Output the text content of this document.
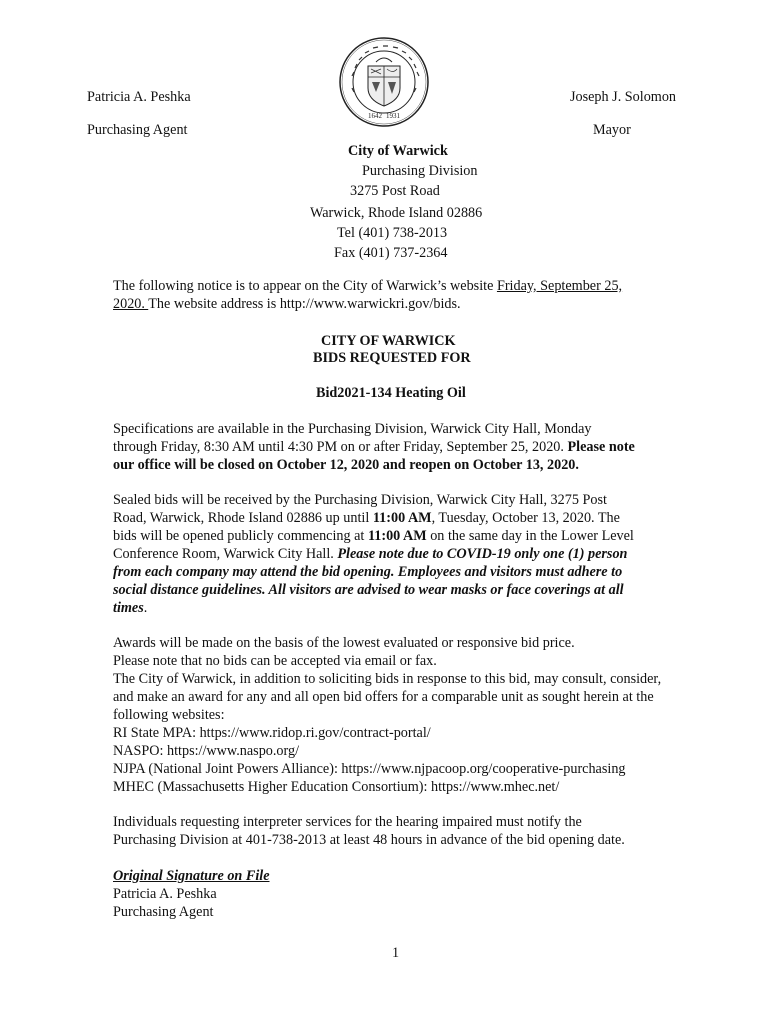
Patricia A. Peshka
Purchasing Agent
Joseph J. Solomon
Mayor
1642 1931
City of Warwick
Purchasing Division
3275 Post Road
Warwick, Rhode Island 02886
Tel (401) 738-2013
Fax (401) 737-2364
The following notice is to appear on the City of Warwick’s website Friday, September 25,
2020. The website address is http://www.warwickri.gov/bids.
CITY OF WARWICK
BIDS REQUESTED FOR
Bid2021-134 Heating Oil
Specifications are available in the Purchasing Division, Warwick City Hall, Monday
through Friday, 8:30 AM until 4:30 PM on or after Friday, September 25, 2020. Please note
our office will be closed on October 12, 2020 and reopen on October 13, 2020.
Sealed bids will be received by the Purchasing Division, Warwick City Hall, 3275 Post
Road, Warwick, Rhode Island 02886 up until 11:00 AM, Tuesday, October 13, 2020. The
bids will be opened publicly commencing at 11:00 AM on the same day in the Lower Level
Conference Room, Warwick City Hall. Please note due to COVID-19 only one (1) person
from each company may attend the bid opening. Employees and visitors must adhere to
social distance guidelines. All visitors are advised to wear masks or face coverings at all
times.
Awards will be made on the basis of the lowest evaluated or responsive bid price.
Please note that no bids can be accepted via email or fax.
The City of Warwick, in addition to soliciting bids in response to this bid, may consult, consider,
and make an award for any and all open bid offers for a comparable unit as sought herein at the
following websites:
RI State MPA: https://www.ridop.ri.gov/contract-portal/
NASPO: https://www.naspo.org/
NJPA (National Joint Powers Alliance): https://www.njpacoop.org/cooperative-purchasing
MHEC (Massachusetts Higher Education Consortium): https://www.mhec.net/
Individuals requesting interpreter services for the hearing impaired must notify the
Purchasing Division at 401-738-2013 at least 48 hours in advance of the bid opening date.
Original Signature on File
Patricia A. Peshka
Purchasing Agent
1
